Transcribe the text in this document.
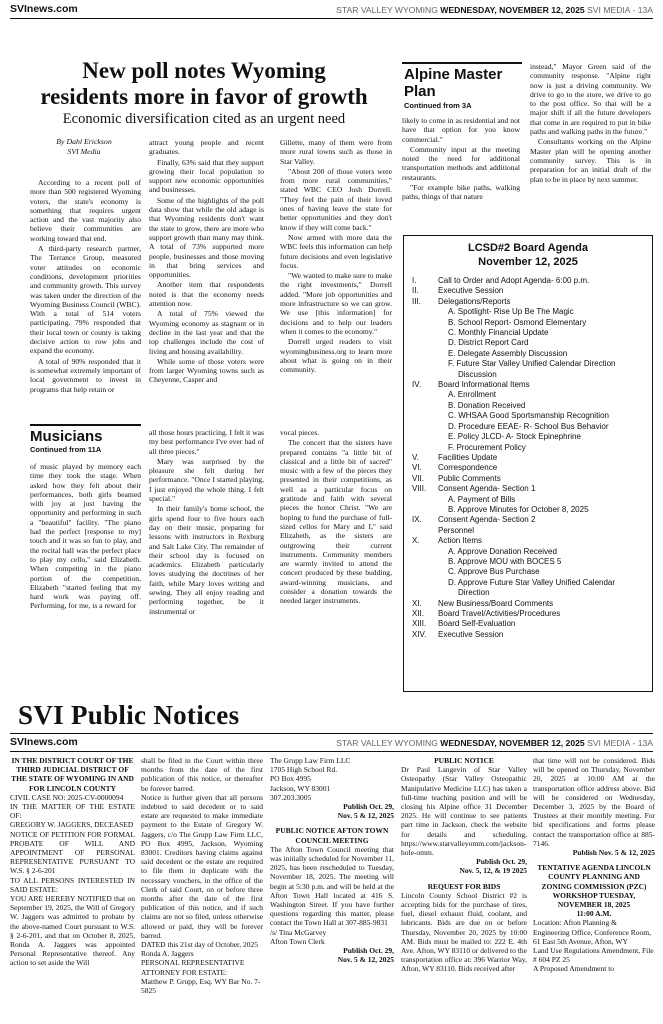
SVInews.com	STAR VALLEY WYOMING WEDNESDAY, NOVEMBER 12, 2025 SVI MEDIA - 13A
New poll notes Wyoming
residents more in favor of growth
Economic diversification cited as an urgent need
By Dahl Erickson
SVI Media

According to a recent poll of more than 500 registered Wyoming voters, the state's economy is something that requires urgent action and the vast majority also believe their communities are working toward that end.

A third-party research partner, The Terrance Group, measured voter attitudes on economic conditions, development priorities and community growth. This survey was taken under the direction of the Wyoming Business Council (WBC). With a total of 514 voters participating, 79% responded that their local town or county is taking decisive action to row jobs and expand the economy.

A total of 90% responded that it is somewhat extremely important of local government to invest in programs that help retain or

attract young people and recent graduates.

Finally, 63% said that they support growing their local population to support new economic opportunities and businesses.

Some of the highlights of the poll data show that while the old adage is that Wyoming residents don't want the state to grow, there are more who support growth than many may think. A total of 73% supported more people, businesses and those moving in that bring services and opportunities.

Another item that respondents noted is that the economy needs attention now.

A total of 75% viewed the Wyoming economy as stagnant or in decline in the last year and that the top challenges include the cost of living and housing availability.

While some of those voters were from larger Wyoming towns such as Cheyenne, Casper and

Gillette, many of them were from more rural towns such as those in Star Valley.

"About 200 of those voters were from more rural communities," stated WBC CEO Josh Dorrell. "They feel the pain of their loved ones of having leave the state for better opportunities and they don't know if they will come back."

Now armed with more data the WBC feels this information can help future decisions and even legislative focus.

"We wanted to make sure to make the right investments," Dorrell added. "More job opportunities and more infrastructure so we can grow. We use [this information] for decisions and to help our leaders when it comes to the economy."

Dorrell urged readers to visit wyomingbusiness.org to learn more about what is going on in their community.

Alpine Master
Plan
Continued from 3A

likely to come in as residential and not have that option for you know commercial."

Community input at the meeting noted the need for additional transportation methods and additional restaurants.

"For example bike paths, walking paths, things of that nature

instead," Mayor Green said of the community response. "Alpine right now is just a driving community. We drive to go to the store, we drive to go to the post office. So that will be a major shift if all the future developers that come in are required to put in bike paths and walking paths in the future."

Consultants working on the Alpine Master plan will be opening another community survey. This is in preparation for an initial draft of the plan to be in place by next summer.

LCSD#2 Board Agenda
November 12, 2025
I.	Call to Order and Adopt Agenda- 6:00 p.m.
II. Executive Session
III. Delegations/Reports
A. Spotlight- Rise Up Be The Magic
B. School Report- Osmond Elementary
C. Monthly Financial Update
D. District Report Card
E. Delegate Assembly Discussion
F. Future Star Valley Unified Calendar Direction
Discussion
IV. Board Informational Items
A. Enrollment
B. Donation Received
C. WHSAA Good Sportsmanship Recognition
D. Procedure EEAE- R- School Bus Behavior
E. Policy JLCD- A- Stock Epinephrine
F. Procurement Policy
V. Facilities Update
VI. Correspondence
VII. Public Comments
VIII. Consent Agenda- Section 1
A. Payment of Bills
B. Approve Minutes for October 8, 2025
IX. Consent Agenda- Section 2
Personnel
X. Action Items
A. Approve Donation Received
B. Approve MOU with BOCES 5
C. Approve Bus Purchase
D. Approve Future Star Valley Unified Calendar
Direction
XI. New Business/Board Comments
XII. Board Travel/Activities/Procedures
XIII. Board Self-Evaluation
XIV. Executive Session
Musicians
Continued from 11A

of music played by memory each time they took the stage. When asked how they felt about their performances, both girls beamed with joy at just having the opportunity and performing in such a "beautiful" facility. "The piano had the perfect [response to my] touch and it was so fun to play, and the recital hall was the perfect place to play my cello," said Elizabeth. When competing in the piano portion of the competition, Elizabeth "started feeling that my hard work was paying off. Performing, for me, is a reward for

all those hours practicing. I felt it was my best performance I've ever had of all three pieces."

Mary was surprised by the pleasure she felt during her performance. "Once I started playing, I just enjoyed the whole thing. I felt special."

In their family's home school, the girls spend four to five hours each day on their music, preparing for lessons with instructors in Rexburg and Salt Lake City. The remainder of their school day is focused on academics. Elizabeth particularly loves studying the doctrines of her faith, while Mary loves writing and sewing. They all enjoy reading and performing together, be it instrumental or

vocal pieces.

The concert that the sisters have prepared contains "a little bit of classical and a little bit of sacred" music with a few of the pieces they presented in their competitions, as well as a particular focus on gratitude and faith with several pieces the honor Christ. "We are hoping to fund the purchase of full-sized cellos for Mary and I," said Elizabeth, as the sisters are outgrowing their current instruments. Community members are warmly invited to attend the concert produced by these budding, award-winning musicians, and consider a donation towards the needed larger instruments.

SVI Public Notices
SVInews.com	STAR VALLEY WYOMING WEDNESDAY, NOVEMBER 12, 2025 SVI MEDIA - 13A

IN THE DISTRICT COURT OF THE THIRD JUDICIAL DISTRICT OF THE STATE OF WYOMING IN AND FOR LINCOLN COUNTY

CIVIL CASE NO: 2025-CV-0000094

IN THE MATTER OF THE ESTATE OF:

GREGORY W. JAGGERS, DECEASED

NOTICE OF PETITION FOR FORMAL PROBATE OF WILL AND APPOINTMENT OF PERSONAL REPRESENTATIVE PURSUANT TO W.S. § 2-6-201

TO ALL PERSONS INTERESTED IN SAID ESTATE:

YOU ARE HEREBY NOTIFIED that on September 19, 2025, the Will of Gregory W. Jaggers was admitted to probate by the above-named Court pursuant to W.S. § 2-6-201, and that on October 8, 2025, Ronda A. Jaggers was appointed Personal Representative thereof. Any action to set aside the Will

shall be filed in the Court within three months from the date of the first publication of this notice, or thereafter be forever barred.

Notice is further given that all persons indebted to said decedent or to said estate are requested to make immediate payment to the Estate of Gregory W. Jaggers, c/o The Grupp Law Firm LLC, PO Box 4995, Jackson, Wyoming 83001. Creditors having claims against said decedent or the estate are required to file them in duplicate with the necessary vouchers, in the office of the Clerk of said Court, on or before three months after the date of the first publication of this notice, and if such claims are not so filed, unless otherwise allowed or paid, they will be forever barred.

DATED this 21st day of October, 2025

Ronda A. Jaggers

PERSONAL REPRESENTATIVE

ATTORNEY FOR ESTATE:

Matthew P. Grupp, Esq. WY Bar No. 7-5825

The Grupp Law Firm LLC

1705 High School Rd.

PO Box 4995

Jackson, WY 83001

307.203.3005

Publish Oct. 29,

Nov. 5 & 12, 2025

PUBLIC NOTICE AFTON TOWN COUNCIL MEETING

The Afton Town Council meeting that was initially scheduled for November 11, 2025, has been rescheduled to Tuesday, November 18, 2025. The meeting will begin at 5:30 p.m. and will be held at the Afton Town Hall located at 416 S. Washington Street. If you have further questions regarding this matter, please contact the Town Hall at 307-885-9831

/s/ Tina McGarvey

Afton Town Clerk

Publish Oct. 29,

Nov. 5 & 12, 2025

PUBLIC NOTICE

Dr Paul Langevin of Star Valley Osteopathy (Star Valley Osteopathic Manipulative Medicine LLC) has taken a full-time teaching position and will be closing his Alpine office 31 December 2025. He will continue to see patients part time in Jackson, check the website for details and scheduling, https://www.starvalleyomm.com/jackson-hole-omm.

Publish Oct. 29,

Nov. 5, 12, & 19 2025

REQUEST FOR BIDS

Lincoln County School District #2 is accepting bids for the purchase of tires, fuel, diesel exhaust fluid, coolant, and lubricants. Bids are due on or before Thursday, November 20, 2025 by 10:00 AM. Bids must be mailed to: 222 E. 4th Ave. Afton, WY 83110 or delivered to the transportation office at: 396 Warrior Way, Afton, WY 83110. Bids received after

that time will not be considered. Bids will be opened on Thursday, November 20, 2025 at 10:00 AM at the transportation office address above. Bid will be considered on Wednesday, December 3, 2025 by the Board of Trustees at their monthly meeting. For bid specifications and forms please contact the transportation office at 885-7146.

Publish Nov. 5 & 12, 2025

TENTATIVE AGENDA LINCOLN COUNTY PLANNING AND ZONING COMMISSION (PZC) WORKSHOP TUESDAY, NOVEMBER 18, 2025

11:00 A.M.

Location: Afton Planning & Engineering Office, Conference Room, 61 East 5th Avenue, Afton, WY

Land Use Regulations Amendment, File # 604 PZ 25

A Proposed Amendment to
